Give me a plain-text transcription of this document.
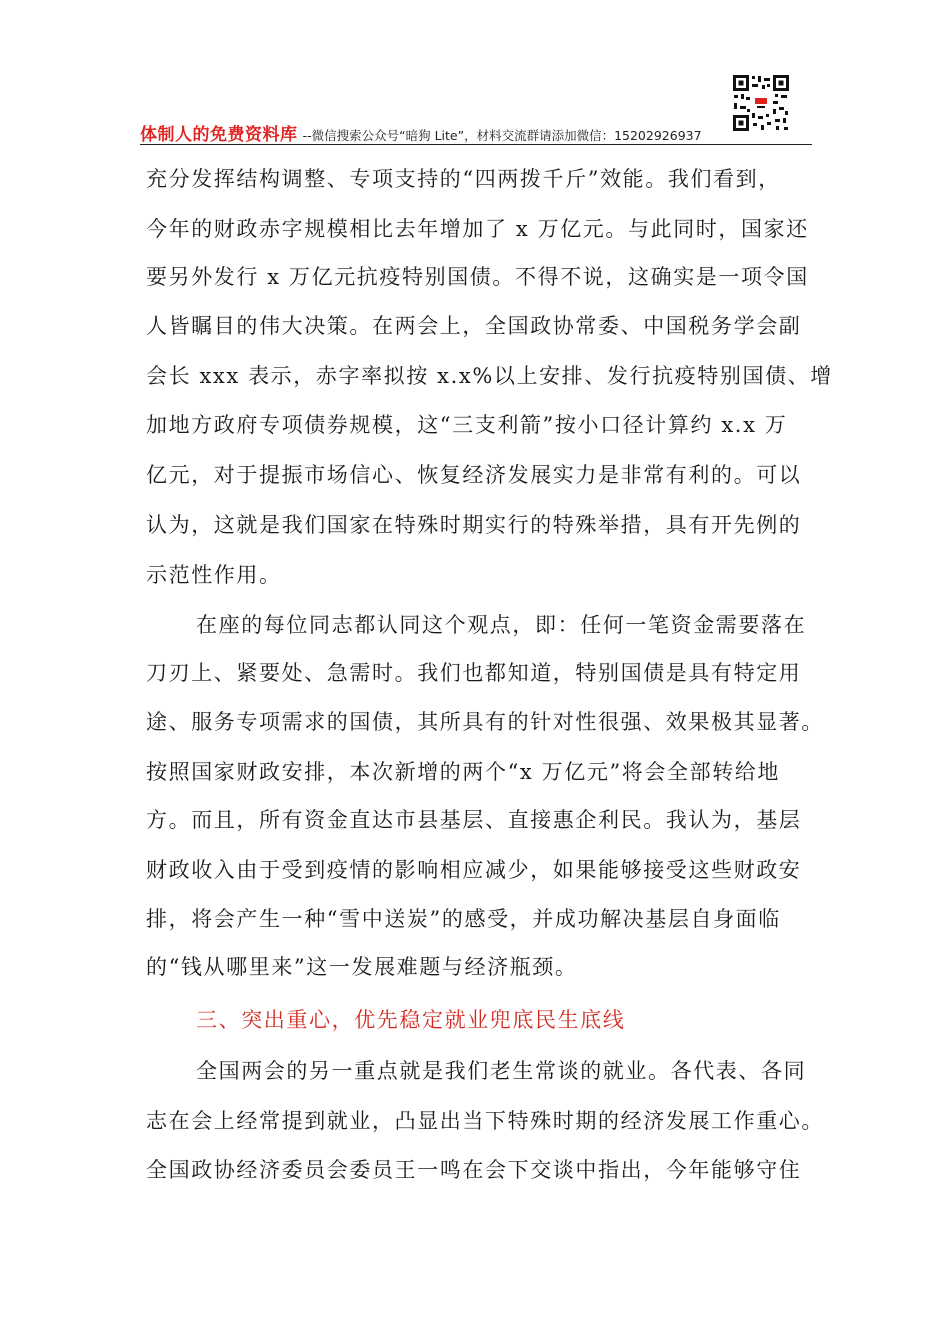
体制人的免费资料库 --微信搜索公众号“暗狗 Lite”，材料交流群请添加微信：15202926937
充分发挥结构调整、专项支持的“四两拨千斤”效能。我们看到，
今年的财政赤字规模相比去年增加了 x 万亿元。与此同时，国家还
要另外发行 x 万亿元抗疫特别国债。不得不说，这确实是一项令国
人皆瞩目的伟大决策。在两会上，全国政协常委、中国税务学会副
会长 xxx 表示，赤字率拟按 x.x%以上安排、发行抗疫特别国债、增
加地方政府专项债券规模，这“三支利箭”按小口径计算约 x.x 万
亿元，对于提振市场信心、恢复经济发展实力是非常有利的。可以
认为，这就是我们国家在特殊时期实行的特殊举措，具有开先例的
示范性作用。
在座的每位同志都认同这个观点，即：任何一笔资金需要落在
刀刃上、紧要处、急需时。我们也都知道，特别国债是具有特定用
途、服务专项需求的国债，其所具有的针对性很强、效果极其显著。
按照国家财政安排，本次新增的两个“x 万亿元”将会全部转给地
方。而且，所有资金直达市县基层、直接惠企利民。我认为，基层
财政收入由于受到疫情的影响相应减少，如果能够接受这些财政安
排，将会产生一种“雪中送炭”的感受，并成功解决基层自身面临
的“钱从哪里来”这一发展难题与经济瓶颈。
三、突出重心，优先稳定就业兜底民生底线
全国两会的另一重点就是我们老生常谈的就业。各代表、各同
志在会上经常提到就业，凸显出当下特殊时期的经济发展工作重心。
全国政协经济委员会委员王一鸣在会下交谈中指出，今年能够守住
